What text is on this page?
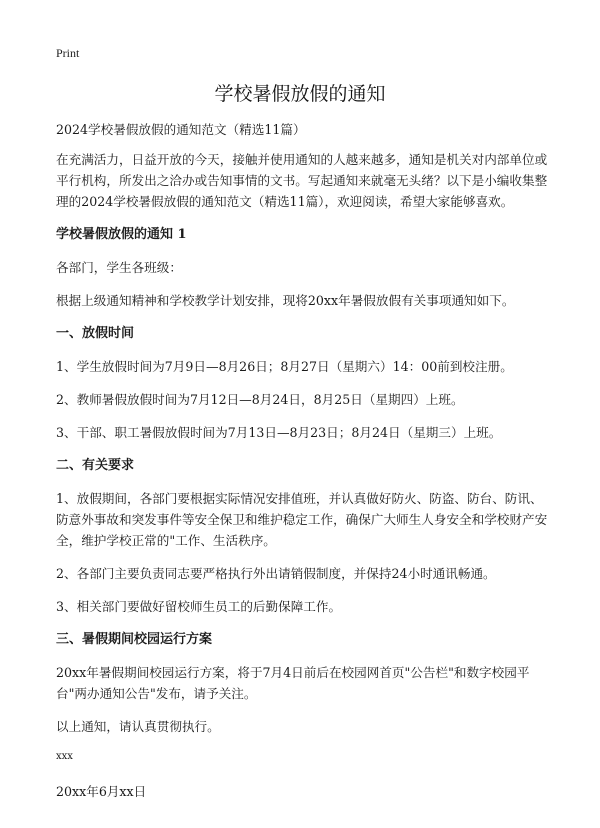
Print
学校暑假放假的通知

2024学校暑假放假的通知范文（精选11篇）

在充满活力，日益开放的今天，接触并使用通知的人越来越多，通知是机关对内部单位或平行机构，所发出之洽办或告知事情的文书。写起通知来就毫无头绪？以下是小编收集整理的2024学校暑假放假的通知范文（精选11篇），欢迎阅读，希望大家能够喜欢。

学校暑假放假的通知 1

各部门，学生各班级：

根据上级通知精神和学校教学计划安排，现将20xx年暑假放假有关事项通知如下。

一、放假时间

1、学生放假时间为7月9日—8月26日；8月27日（星期六）14：00前到校注册。

2、教师暑假放假时间为7月12日—8月24日，8月25日（星期四）上班。

3、干部、职工暑假放假时间为7月13日—8月23日；8月24日（星期三）上班。

二、有关要求

1、放假期间，各部门要根据实际情况安排值班，并认真做好防火、防盗、防台、防讯、防意外事故和突发事件等安全保卫和维护稳定工作，确保广大师生人身安全和学校财产安全，维护学校正常的"工作、生活秩序。

2、各部门主要负责同志要严格执行外出请销假制度，并保持24小时通讯畅通。

3、相关部门要做好留校师生员工的后勤保障工作。

三、暑假期间校园运行方案

20xx年暑假期间校园运行方案，将于7月4日前后在校园网首页"公告栏"和数字校园平台"两办通知公告"发布，请予关注。

以上通知，请认真贯彻执行。

xxx

20xx年6月xx日
